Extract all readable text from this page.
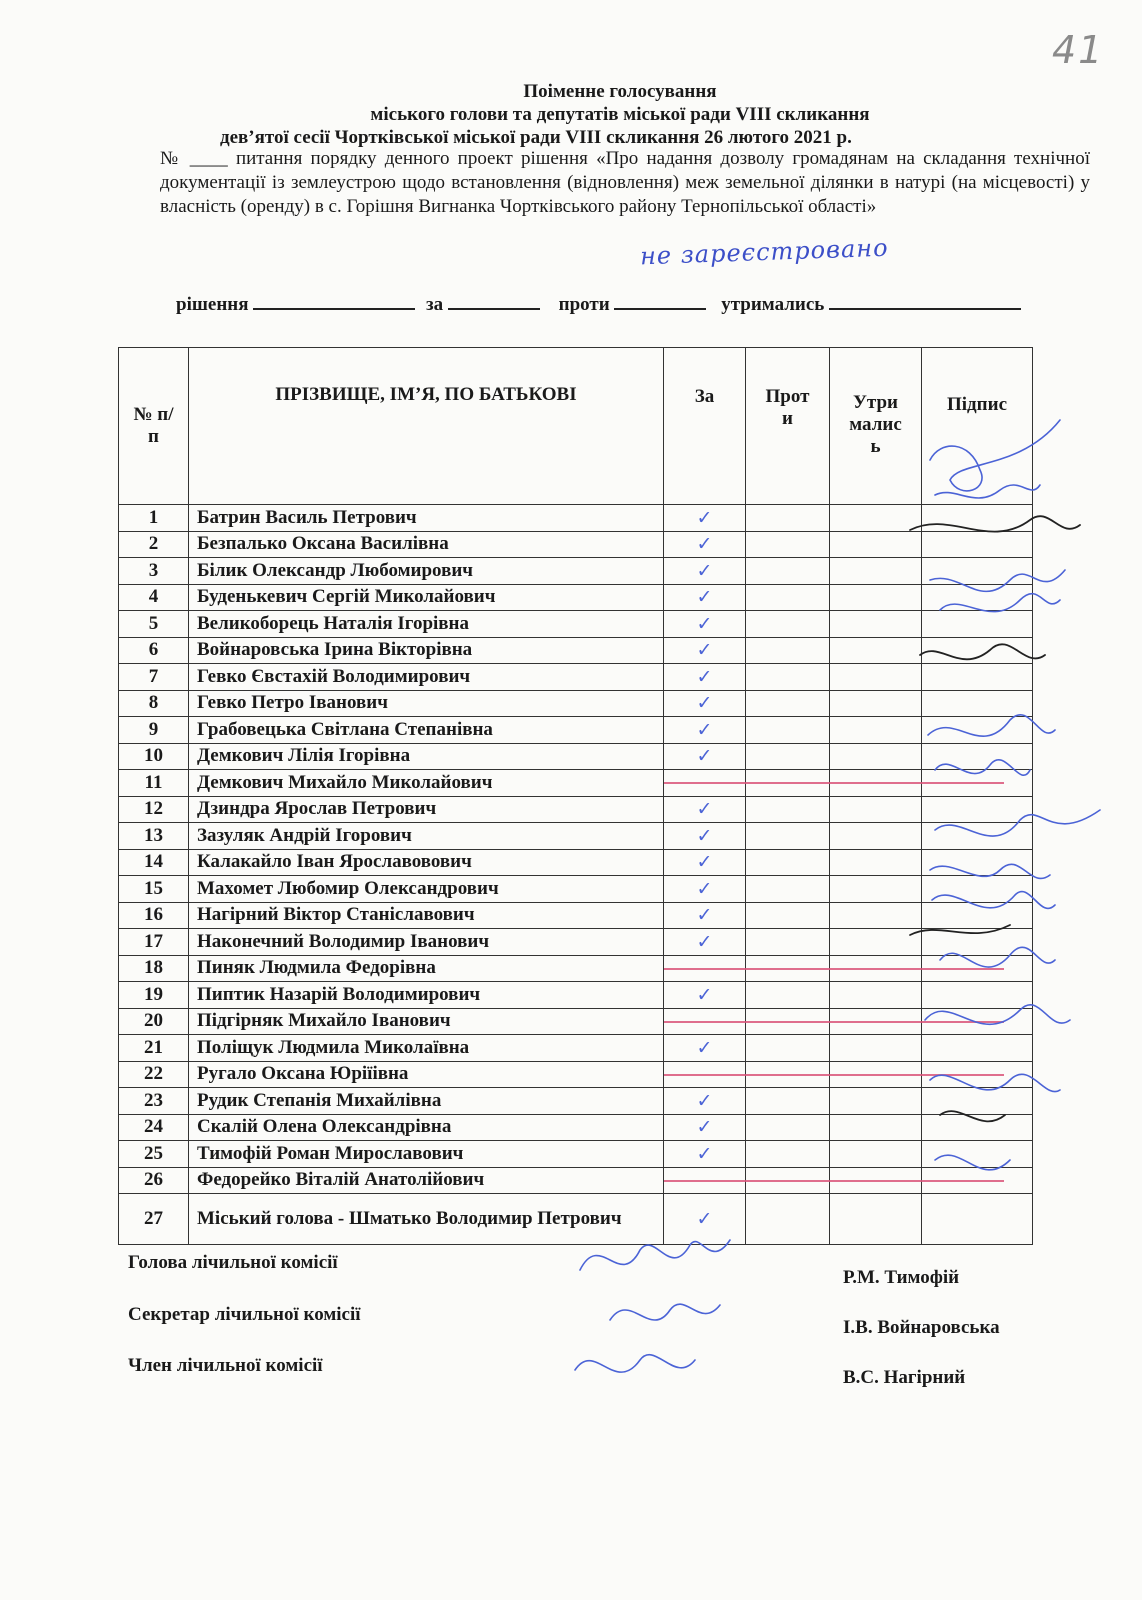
41
Поіменне голосування
міського голови та депутатів міської ради VIII скликання
дев’ятої сесії Чортківської міської ради VIII скликання 26 лютого 2021 р.
№ ____ питання порядку денного проект рішення «Про надання дозволу громадянам на складання технічної документації із землеустрою щодо встановлення (відновлення) меж земельної ділянки в натурі (на місцевості) у власність (оренду) в с. Горішня Вигнанка Чортківського району Тернопільської області»
не зареєстровано
рішення	за	проти	утримались
№ п/п	ПРІЗВИЩЕ, ІМ’Я, ПО БАТЬКОВІ	За	Прот и	Утри малис ь	Підпис
1	Батрин Василь Петрович	✓			

2	Безпалько Оксана Василівна	✓			

3	Білик Олександр Любомирович	✓			

4	Буденькевич Сергій Миколайович	✓			

5	Великоборець Наталія Ігорівна	✓			

6	Войнаровська Ірина Вікторівна	✓			

7	Гевко Євстахій Володимирович	✓			

8	Гевко Петро Іванович	✓			

9	Грабовецька Світлана Степанівна	✓			

10	Демкович Лілія Ігорівна	✓			

11	Демкович Михайло Миколайович	

12	Дзиндра Ярослав Петрович	✓			

13	Зазуляк Андрій Ігорович	✓			

14	Калакайло Іван Ярославовович	✓			

15	Махомет Любомир Олександрович	✓			

16	Нагірний Віктор Станіславович	✓			

17	Наконечний Володимир Іванович	✓			

18	Пиняк Людмила Федорівна	

19	Пиптик Назарій Володимирович	✓			

20	Підгірняк Михайло Іванович	

21	Поліщук Людмила Миколаївна	✓			

22	Ругало Оксана Юріїівна	

23	Рудик Степанія Михайлівна	✓			

24	Скалій Олена Олександрівна	✓			

25	Тимофій Роман Мирославович	✓			

26	Федорейко Віталій Анатолійович	

27	Міський голова - Шматько Володимир Петрович	✓			

Голова лічильної комісії
Р.М. Тимофій
Секретар лічильної комісії
І.В. Войнаровська
Член лічильної комісії
В.С. Нагірний
